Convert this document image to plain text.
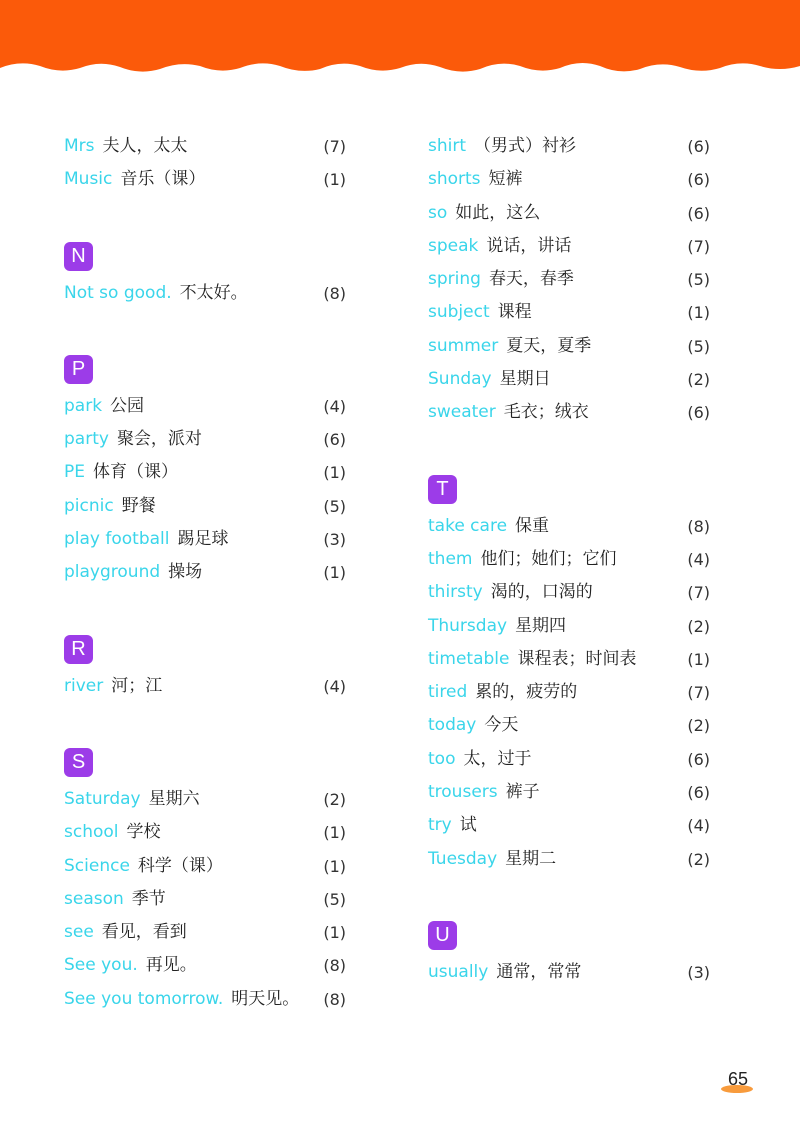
Mrs 夫人，太太	(7)
Music 音乐（课）	(1)
N
Not so good. 不太好。	(8)
P
park 公园	(4)
party 聚会，派对	(6)
PE 体育（课）	(1)
picnic 野餐	(5)
play football 踢足球	(3)
playground 操场	(1)
R
river 河；江	(4)
S
Saturday 星期六	(2)
school 学校	(1)
Science 科学（课）	(1)
season 季节	(5)
see 看见，看到	(1)
See you. 再见。	(8)
See you tomorrow. 明天见。 (8)
shirt （男式）衬衫	(6)
shorts 短裤	(6)
so 如此，这么	(6)
speak 说话，讲话	(7)
spring 春天，春季	(5)
subject 课程	(1)
summer 夏天，夏季	(5)
Sunday 星期日	(2)
sweater 毛衣；绒衣	(6)
T
take care 保重	(8)
them 他们；她们；它们	(4)
thirsty 渴的，口渴的	(7)
Thursday 星期四	(2)
timetable 课程表；时间表	(1)
tired 累的，疲劳的	(7)
today 今天	(2)
too 太，过于	(6)
trousers 裤子	(6)
try 试	(4)
Tuesday 星期二	(2)
U
usually 通常，常常	(3)
65
